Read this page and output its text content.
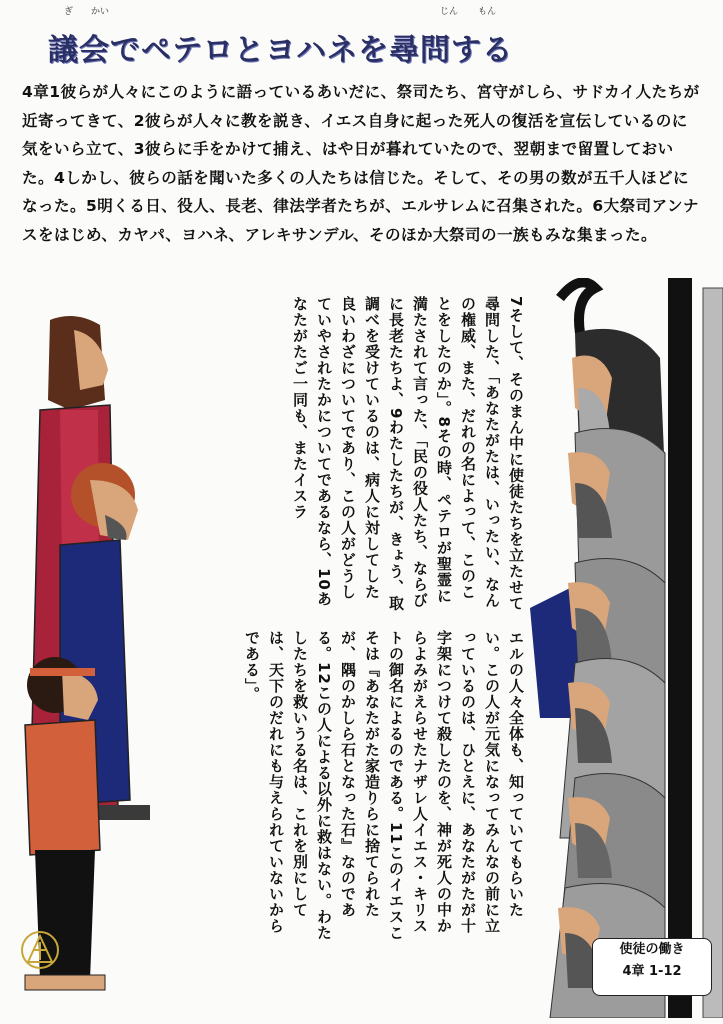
議会でペテロとヨハネを尋問する
ぎ かい	じん もん

4章1彼らが人々にこのように語っているあいだに、祭司たち、宮守がしら、サドカイ人たちが近寄ってきて、2彼らが人々に教を説き、イエス自身に起った死人の復活を宣伝しているのに気をいら立て、3彼らに手をかけて捕え、はや日が暮れていたので、翌朝まで留置しておいた。4しかし、彼らの話を聞いた多くの人たちは信じた。そして、その男の数が五千人ほどになった。5明くる日、役人、長老、律法学者たちが、エルサレムに召集された。6大祭司アンナスをはじめ、カヤパ、ヨハネ、アレキサンデル、そのほか大祭司の一族もみな集まった。

7そして、そのまん中に使徒たちを立たせて尋問した、「あなたがたは、いったい、なんの権威、また、だれの名によって、このことをしたのか」。8その時、ペテロが聖霊に満たされて言った、「民の役人たち、ならびに長老たちよ、9わたしたちが、きょう、取調べを受けているのは、病人に対してした良いわざについてであり、この人がどうしていやされたかについてであるなら、10あなたがたご一同も、またイスラ

エルの人々全体も、知っていてもらいたい。この人が元気になってみんなの前に立っているのは、ひとえに、あなたがたが十字架につけて殺したのを、神が死人の中からよみがえらせたナザレ人イエス・キリストの御名によるのである。11このイエスこそは『あなたがた家造りらに捨てられたが、隅のかしら石となった石』なのである。12この人による以外に救はない。わたしたちを救いうる名は、これを別にしては、天下のだれにも与えられていないからである」。

使徒の働き
4章 1-12
